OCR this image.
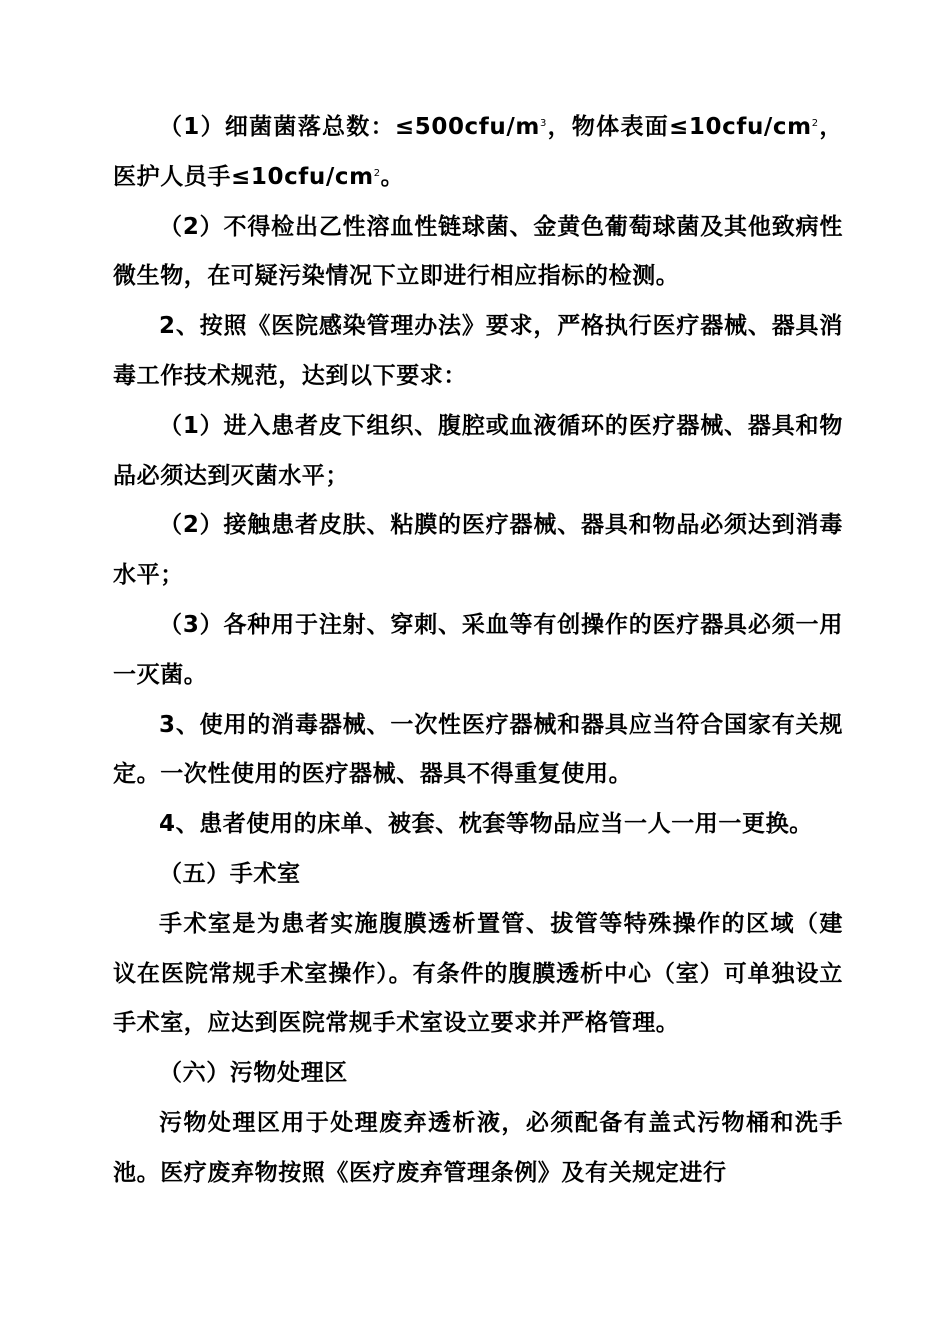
（1）细菌菌落总数：$\le 500cfu/m^3$，物体表面$\le 10cfu/cm^2$，医护人员手$\le 10cfu/cm^2$。

（2）不得检出乙性溶血性链球菌、金黄色葡萄球菌及其他致病性微生物，在可疑污染情况下立即进行相应指标的检测。

2、按照《医院感染管理办法》要求，严格执行医疗器械、器具消毒工作技术规范，达到以下要求：

（1）进入患者皮下组织、腹腔或血液循环的医疗器械、器具和物品必须达到灭菌水平；

（2）接触患者皮肤、粘膜的医疗器械、器具和物品必须达到消毒水平；

（3）各种用于注射、穿刺、采血等有创操作的医疗器具必须一用一灭菌。

3、使用的消毒器械、一次性医疗器械和器具应当符合国家有关规定。一次性使用的医疗器械、器具不得重复使用。

4、患者使用的床单、被套、枕套等物品应当一人一用一更换。

（五）手术室

手术室是为患者实施腹膜透析置管、拔管等特殊操作的区域（建议在医院常规手术室操作）。有条件的腹膜透析中心（室）可单独设立手术室，应达到医院常规手术室设立要求并严格管理。

（六）污物处理区

污物处理区用于处理废弃透析液，必须配备有盖式污物桶和洗手池。医疗废弃物按照《医疗废弃管理条例》及有关规定进行
